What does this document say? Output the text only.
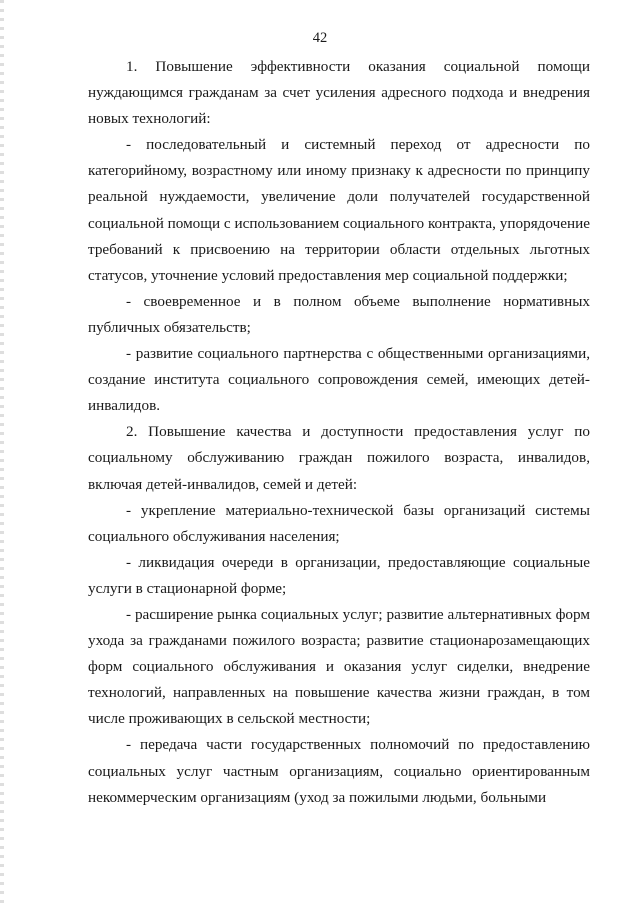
42

1. Повышение эффективности оказания социальной помощи нуждающимся гражданам за счет усиления адресного подхода и внедрения новых технологий:

- последовательный и системный переход от адресности по категорийному, возрастному или иному признаку к адресности по принципу реальной нуждаемости, увеличение доли получателей государственной социальной помощи с использованием социального контракта, упорядочение требований к присвоению на территории области отдельных льготных статусов, уточнение условий предоставления мер социальной поддержки;

- своевременное и в полном объеме выполнение нормативных публичных обязательств;

- развитие социального партнерства с общественными организациями, создание института социального сопровождения семей, имеющих детей-инвалидов.

2. Повышение качества и доступности предоставления услуг по социальному обслуживанию граждан пожилого возраста, инвалидов, включая детей-инвалидов, семей и детей:

- укрепление материально-технической базы организаций системы социального обслуживания населения;

- ликвидация очереди в организации, предоставляющие социальные услуги в стационарной форме;

- расширение рынка социальных услуг; развитие альтернативных форм ухода за гражданами пожилого возраста; развитие стационарозамещающих форм социального обслуживания и оказания услуг сиделки, внедрение технологий, направленных на повышение качества жизни граждан, в том числе проживающих в сельской местности;

- передача части государственных полномочий по предоставлению социальных услуг частным организациям, социально ориентированным некоммерческим организациям (уход за пожилыми людьми, больными
